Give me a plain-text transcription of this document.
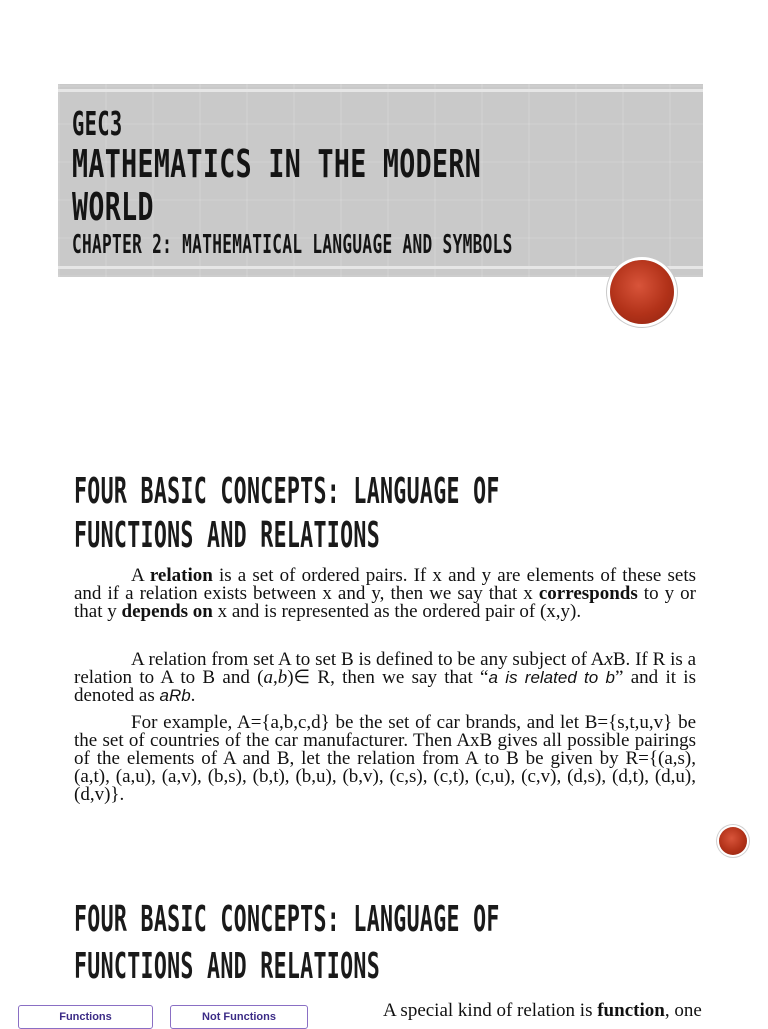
GEC3
MATHEMATICS IN THE MODERN
WORLD
CHAPTER 2: MATHEMATICAL LANGUAGE AND SYMBOLS
FOUR BASIC CONCEPTS: LANGUAGE OF
FUNCTIONS AND RELATIONS

A relation is a set of ordered pairs. If x and y are elements of these sets and if a relation exists between x and y, then we say that x corresponds to y or that y depends on x and is represented as the ordered pair of (x,y).

A relation from set A to set B is defined to be any subject of AxB. If R is a relation to A to B and (a,b)∈ R, then we say that “a is related to b” and it is denoted as aRb.

For example, A={a,b,c,d} be the set of car brands, and let B={s,t,u,v} be the set of countries of the car manufacturer. Then AxB gives all possible pairings of the elements of A and B, let the relation from A to B be given by R={(a,s), (a,t), (a,u), (a,v), (b,s), (b,t), (b,u), (b,v), (c,s), (c,t), (c,u), (c,v), (d,s), (d,t), (d,u), (d,v)}.

FOUR BASIC CONCEPTS: LANGUAGE OF
FUNCTIONS AND RELATIONS
Functions	Not Functions	A special kind of relation is function, one
